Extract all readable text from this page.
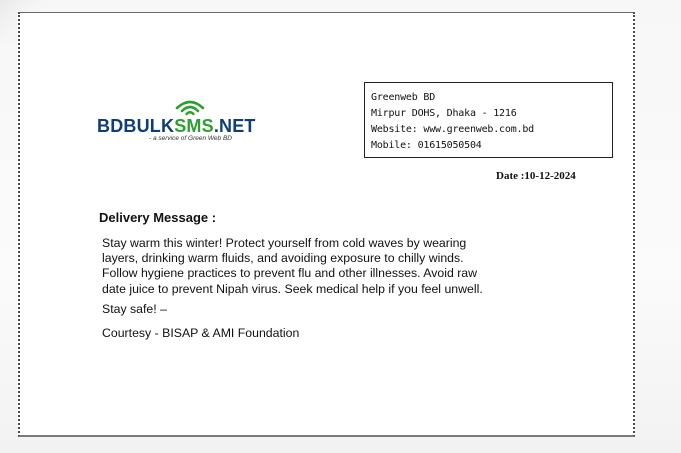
BDBULKSMS.NET
- a service of Green Web BD
Greenweb BD
Mirpur DOHS, Dhaka - 1216
Website: www.greenweb.com.bd
Mobile: 01615050504
Date :10-12-2024
Delivery Message :
Stay warm this winter! Protect yourself from cold waves by wearing
layers, drinking warm fluids, and avoiding exposure to chilly winds.
Follow hygiene practices to prevent flu and other illnesses. Avoid raw
date juice to prevent Nipah virus. Seek medical help if you feel unwell.
Stay safe! –
Courtesy - BISAP & AMI Foundation
